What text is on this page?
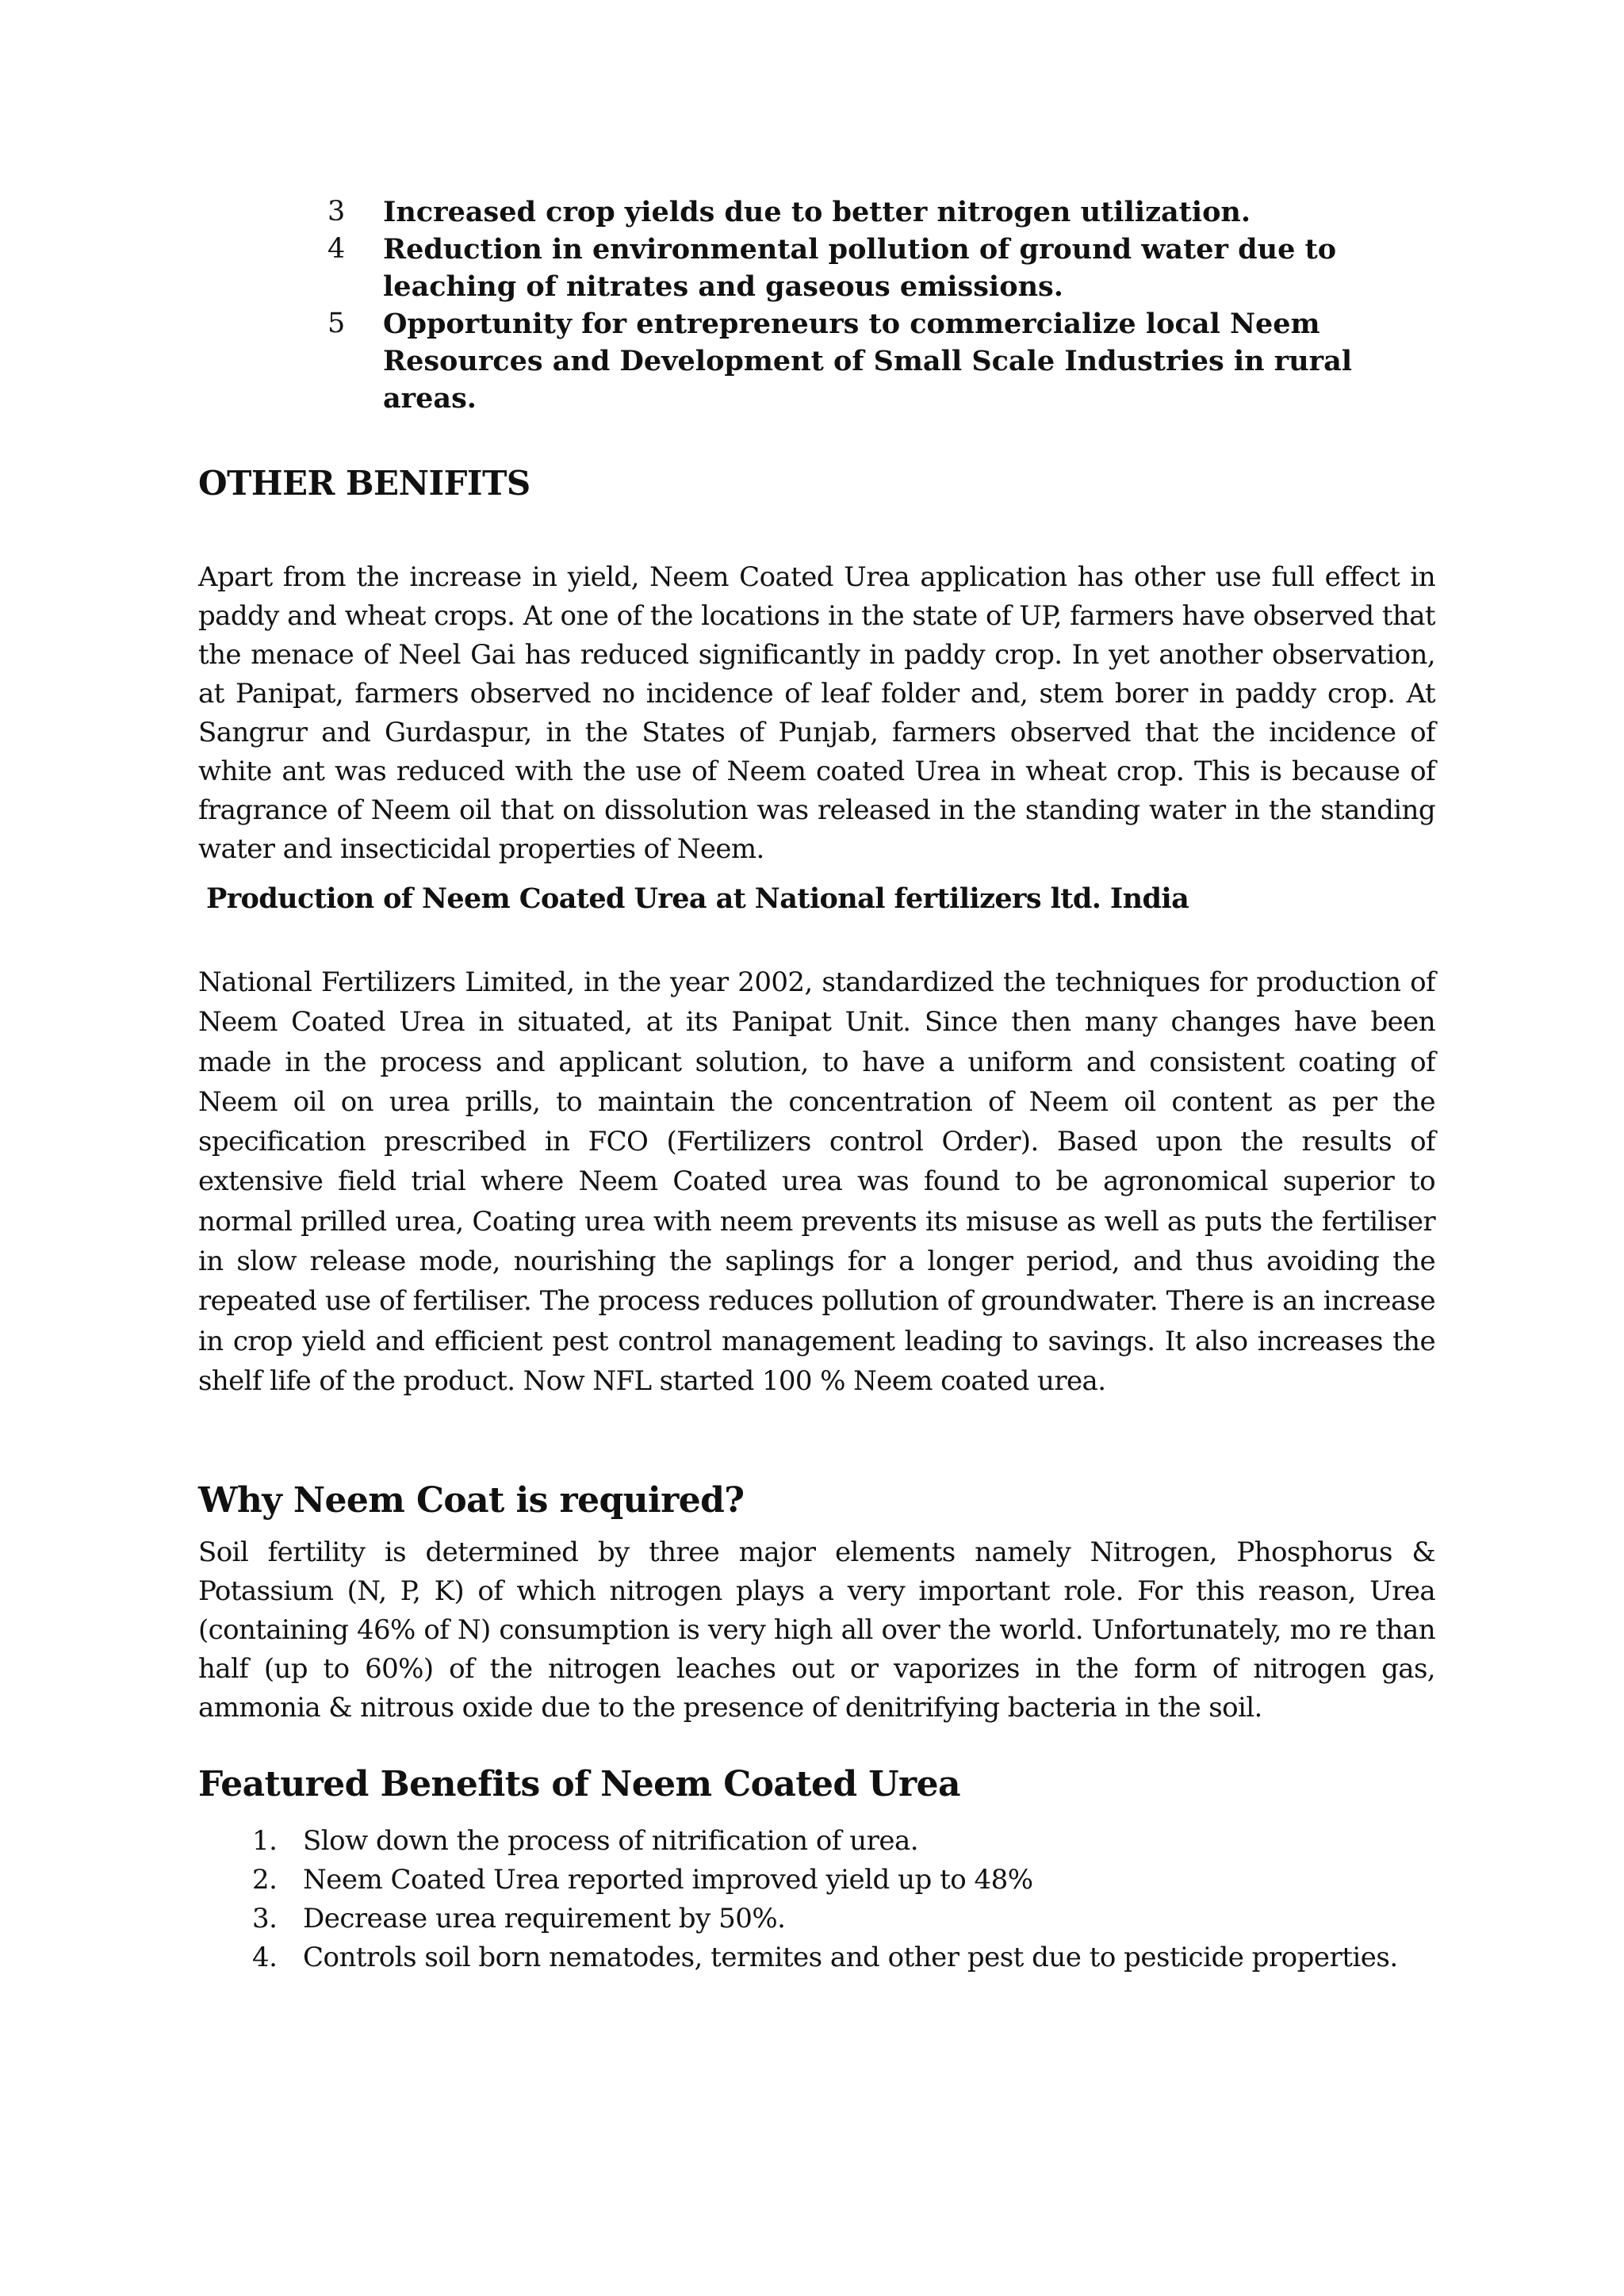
3	Increased crop yields due to better nitrogen utilization.
4	Reduction in environmental pollution of ground water due to leaching of nitrates and gaseous emissions.
5	Opportunity for entrepreneurs to commercialize local Neem Resources and Development of Small Scale Industries in rural areas.
OTHER BENIFITS

Apart from the increase in yield, Neem Coated Urea application has other use full effect in paddy and wheat crops. At one of the locations in the state of UP, farmers have observed that the menace of Neel Gai has reduced significantly in paddy crop. In yet another observation, at Panipat, farmers observed no incidence of leaf folder and, stem borer in paddy crop. At Sangrur and Gurdaspur, in the States of Punjab, farmers observed that the incidence of white ant was reduced with the use of Neem coated Urea in wheat crop. This is because of fragrance of Neem oil that on dissolution was released in the standing water in the standing water and insecticidal properties of Neem.

Production of Neem Coated Urea at National fertilizers ltd. India

National Fertilizers Limited, in the year 2002, standardized the techniques for production of Neem Coated Urea in situated, at its Panipat Unit. Since then many changes have been made in the process and applicant solution, to have a uniform and consistent coating of Neem oil on urea prills, to maintain the concentration of Neem oil content as per the specification prescribed in FCO (Fertilizers control Order). Based upon the results of extensive field trial where Neem Coated urea was found to be agronomical superior to normal prilled urea, Coating urea with neem prevents its misuse as well as puts the fertiliser in slow release mode, nourishing the saplings for a longer period, and thus avoiding the repeated use of fertiliser. The process reduces pollution of groundwater. There is an increase in crop yield and efficient pest control management leading to savings. It also increases the shelf life of the product. Now NFL started 100 % Neem coated urea.

Why Neem Coat is required?

Soil fertility is determined by three major elements namely Nitrogen, Phosphorus & Potassium (N, P, K) of which nitrogen plays a very important role. For this reason, Urea (containing 46% of N) consumption is very high all over the world. Unfortunately, mo re than half (up to 60%) of the nitrogen leaches out or vaporizes in the form of nitrogen gas, ammonia & nitrous oxide due to the presence of denitrifying bacteria in the soil.

Featured Benefits of Neem Coated Urea
1. Slow down the process of nitrification of urea.
2. Neem Coated Urea reported improved yield up to 48%
3. Decrease urea requirement by 50%.
4. Controls soil born nematodes, termites and other pest due to pesticide properties.
